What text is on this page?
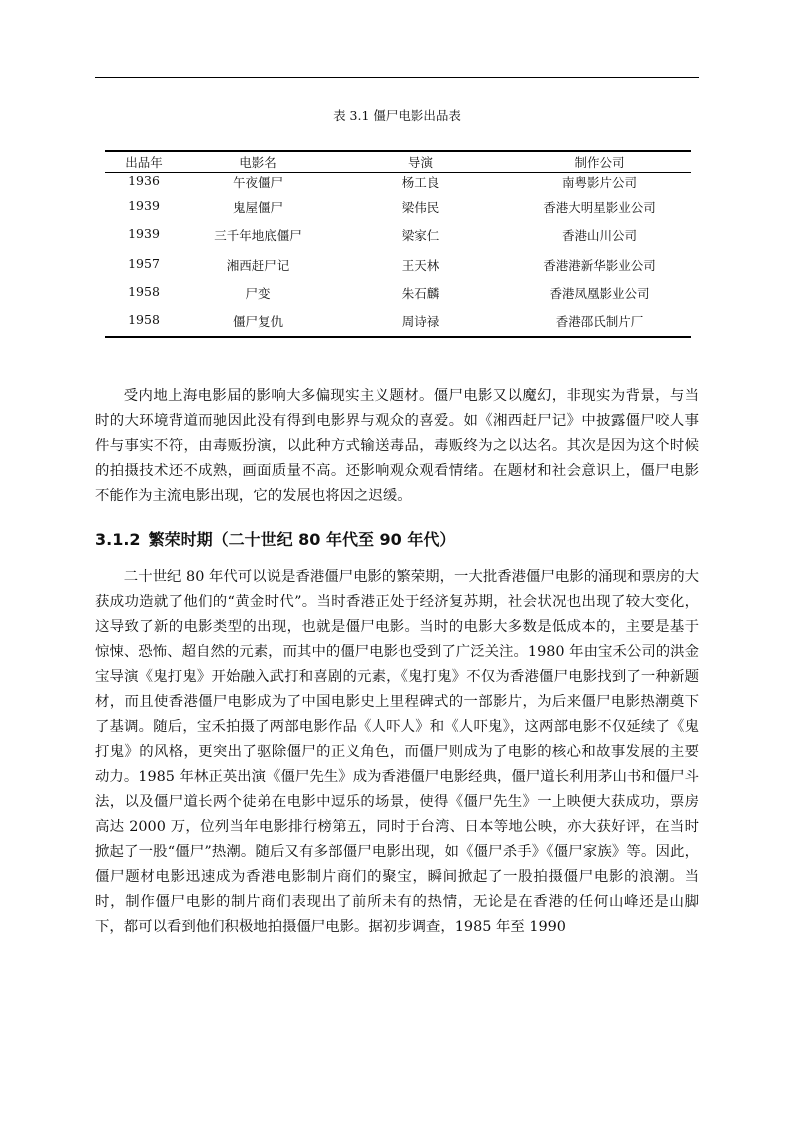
表 3.1 僵尸电影出品表
出品年	电影名	导演	制作公司
1936	午夜僵尸	杨工良	南粤影片公司
1939	鬼屋僵尸	梁伟民	香港大明星影业公司
1939	三千年地底僵尸	梁家仁	香港山川公司
1957	湘西赶尸记	王天林	香港港新华影业公司
1958	尸变	朱石麟	香港凤凰影业公司
1958	僵尸复仇	周诗禄	香港邵氏制片厂

受内地上海电影届的影响大多偏现实主义题材。僵尸电影又以魔幻，非现实为背景，与当时的大环境背道而驰因此没有得到电影界与观众的喜爱。如《湘西赶尸记》中披露僵尸咬人事件与事实不符，由毒贩扮演，以此种方式输送毒品，毒贩终为之以达名。其次是因为这个时候的拍摄技术还不成熟，画面质量不高。还影响观众观看情绪。在题材和社会意识上，僵尸电影不能作为主流电影出现，它的发展也将因之迟缓。

3.1.2 繁荣时期（二十世纪 80 年代至 90 年代）

二十世纪 80 年代可以说是香港僵尸电影的繁荣期，一大批香港僵尸电影的涌现和票房的大获成功造就了他们的“黄金时代”。当时香港正处于经济复苏期，社会状况也出现了较大变化，这导致了新的电影类型的出现，也就是僵尸电影。当时的电影大多数是低成本的，主要是基于惊悚、恐怖、超自然的元素，而其中的僵尸电影也受到了广泛关注。1980 年由宝禾公司的洪金宝导演《鬼打鬼》开始融入武打和喜剧的元素，《鬼打鬼》不仅为香港僵尸电影找到了一种新题材，而且使香港僵尸电影成为了中国电影史上里程碑式的一部影片，为后来僵尸电影热潮奠下了基调。随后，宝禾拍摄了两部电影作品《人吓人》和《人吓鬼》，这两部电影不仅延续了《鬼打鬼》的风格，更突出了驱除僵尸的正义角色，而僵尸则成为了电影的核心和故事发展的主要动力。1985 年林正英出演《僵尸先生》成为香港僵尸电影经典，僵尸道长利用茅山书和僵尸斗法，以及僵尸道长两个徒弟在电影中逗乐的场景，使得《僵尸先生》一上映便大获成功，票房高达 2000 万，位列当年电影排行榜第五，同时于台湾、日本等地公映，亦大获好评，在当时掀起了一股“僵尸”热潮。随后又有多部僵尸电影出现，如《僵尸杀手》《僵尸家族》等。因此，僵尸题材电影迅速成为香港电影制片商们的聚宝，瞬间掀起了一股拍摄僵尸电影的浪潮。当时，制作僵尸电影的制片商们表现出了前所未有的热情，无论是在香港的任何山峰还是山脚下，都可以看到他们积极地拍摄僵尸电影。据初步调查，1985 年至 1990
